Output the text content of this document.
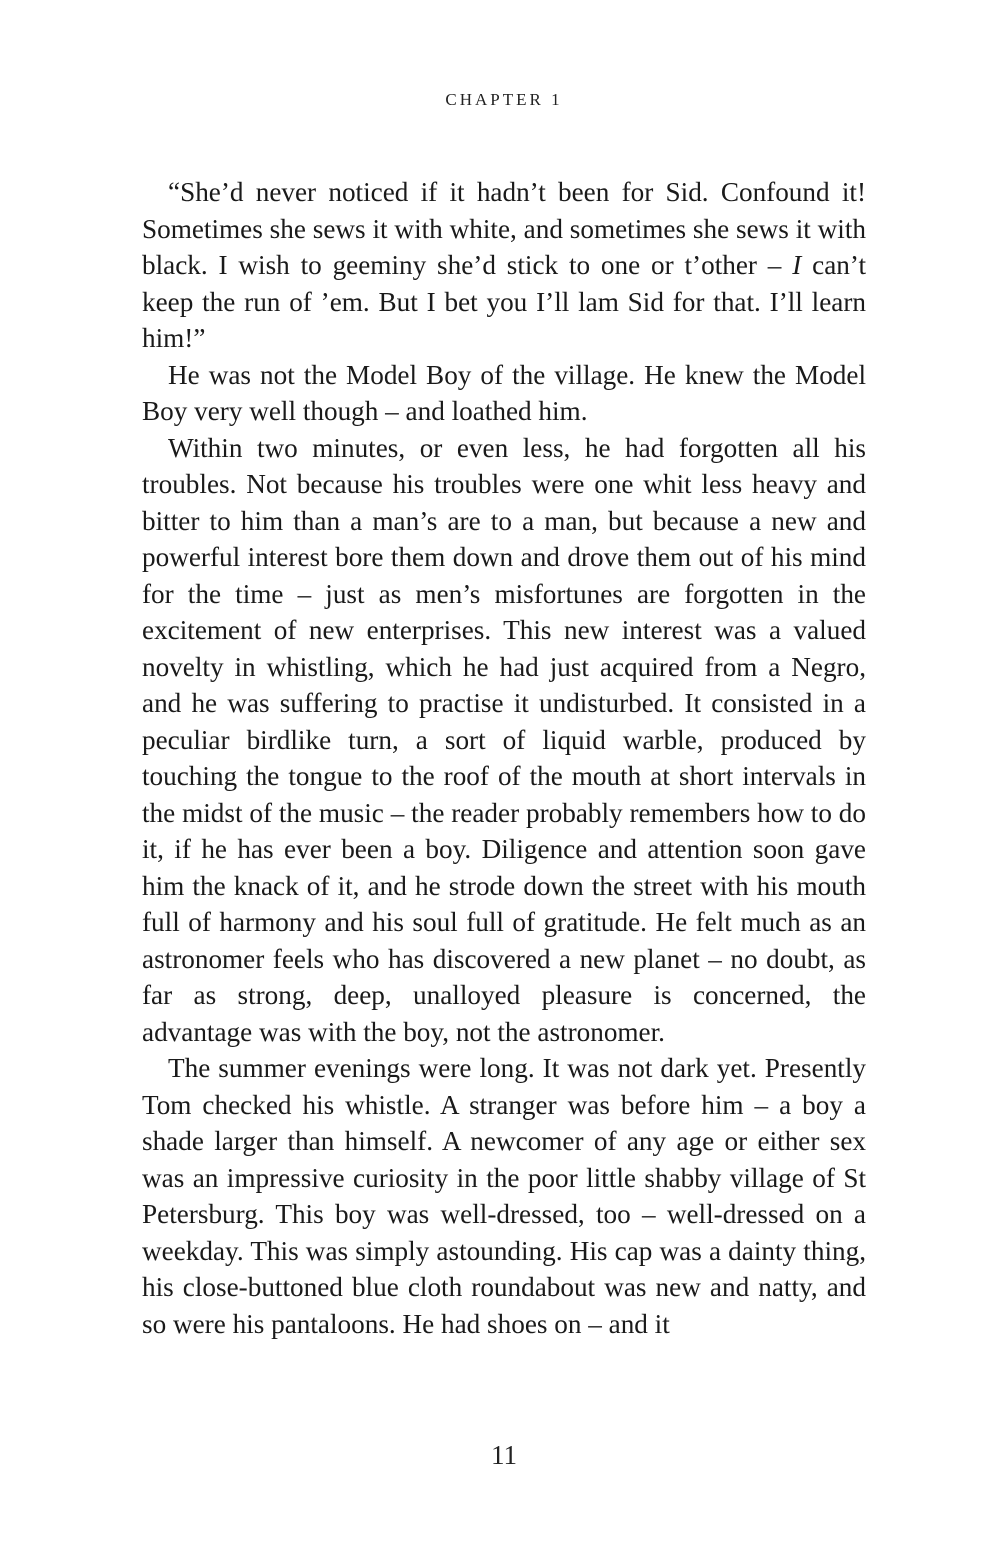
CHAPTER 1

“She’d never noticed if it hadn’t been for Sid. Confound it! Sometimes she sews it with white, and sometimes she sews it with black. I wish to geeminy she’d stick to one or t’other – I can’t keep the run of ’em. But I bet you I’ll lam Sid for that. I’ll learn him!”

He was not the Model Boy of the village. He knew the Model Boy very well though – and loathed him.

Within two minutes, or even less, he had forgotten all his troubles. Not because his troubles were one whit less heavy and bitter to him than a man’s are to a man, but because a new and powerful interest bore them down and drove them out of his mind for the time – just as men’s misfortunes are forgotten in the excitement of new enterprises. This new interest was a valued novelty in whistling, which he had just acquired from a Negro, and he was suffering to practise it undisturbed. It consisted in a peculiar birdlike turn, a sort of liquid warble, produced by touching the tongue to the roof of the mouth at short intervals in the midst of the music – the reader probably remembers how to do it, if he has ever been a boy. Diligence and attention soon gave him the knack of it, and he strode down the street with his mouth full of harmony and his soul full of gratitude. He felt much as an astronomer feels who has discovered a new planet – no doubt, as far as strong, deep, unalloyed pleasure is concerned, the advantage was with the boy, not the astronomer.

The summer evenings were long. It was not dark yet. Presently Tom checked his whistle. A stranger was before him – a boy a shade larger than himself. A newcomer of any age or either sex was an impressive curiosity in the poor little shabby village of St Petersburg. This boy was well-dressed, too – well-dressed on a weekday. This was simply astounding. His cap was a dainty thing, his close-buttoned blue cloth roundabout was new and natty, and so were his pantaloons. He had shoes on – and it

11
